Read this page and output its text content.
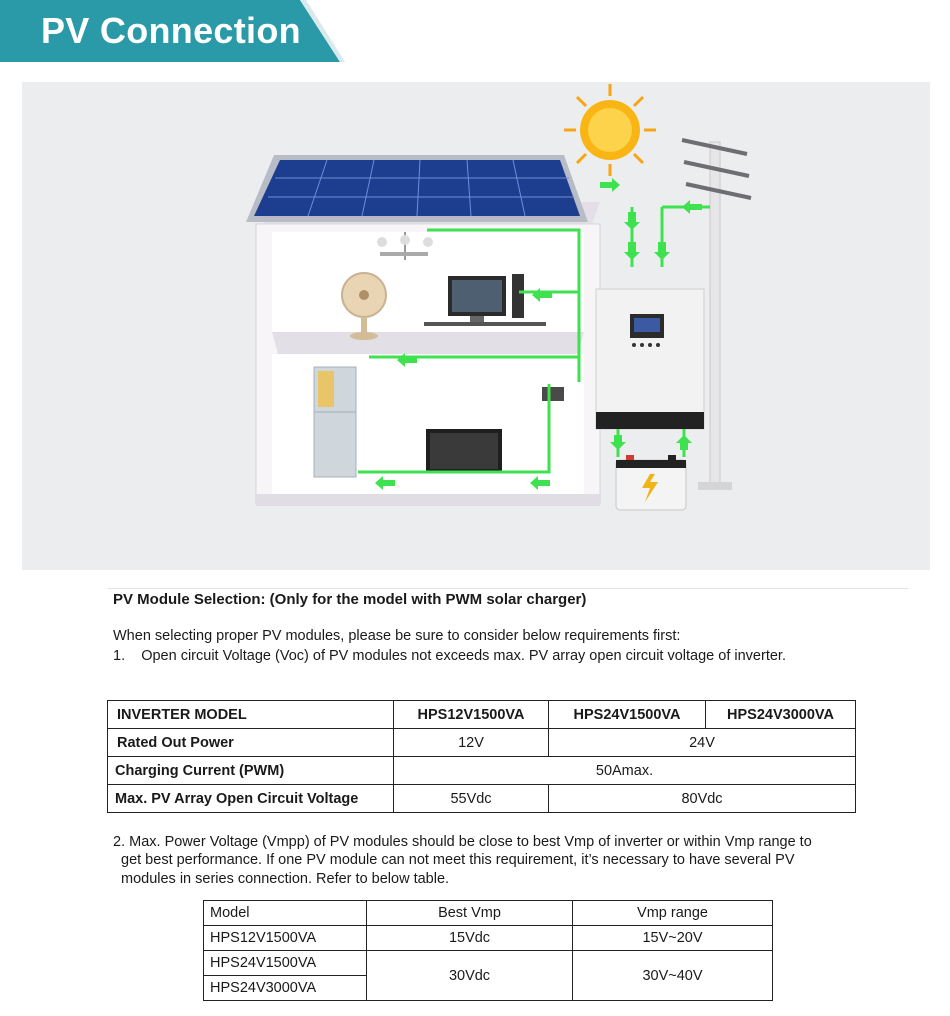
PV Connection
PV Module Selection: (Only for the model with PWM solar charger)
When selecting proper PV modules, please be sure to consider below requirements first:
1.    Open circuit Voltage (Voc) of PV modules not exceeds max. PV array open circuit voltage of inverter.
INVERTER MODEL	HPS12V1500VA	HPS24V1500VA	HPS24V3000VA
Rated Out Power	12V	24V	
Charging Current (PWM)	50Amax.		
Max. PV Array Open Circuit Voltage	55Vdc	80Vdc	
2. Max. Power Voltage (Vmpp) of PV modules should be close to best Vmp of inverter or within Vmp range to
get best performance. If one PV module can not meet this requirement, it’s necessary to have several PV
modules in series connection. Refer to below table.
Model	Best Vmp	Vmp range
HPS12V1500VA	15Vdc	15V~20V
HPS24V1500VA	30Vdc	30V~40V
HPS24V3000VA		
